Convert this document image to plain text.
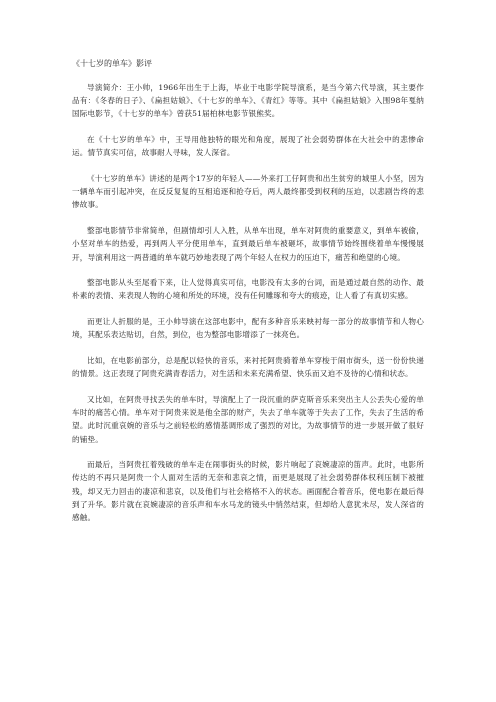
《十七岁的单车》影评

导演简介：王小帅，1966年出生于上海，毕业于电影学院导演系，是当今第六代导演，其主要作品有：《冬春的日子》、《扁担姑娘》、《十七岁的单车》、《青红》等等。其中《扁担姑娘》入围98年戛纳国际电影节，《十七岁的单车》曾获51届柏林电影节银熊奖。

在《十七岁的单车》中，王导用他独特的眼光和角度，展现了社会弱势群体在大社会中的悲惨命运。情节真实可信，故事耐人寻味，发人深省。

《十七岁的单车》讲述的是两个17岁的年轻人——外来打工仔阿贵和出生贫穷的城里人小坚，因为一辆单车而引起冲突，在反反复复的互相追逐和抢夺后，两人最终都受到权利的压迫，以悲剧告终的悲惨故事。

整部电影情节非常简单，但剧情却引人入胜，从单车出现，单车对阿贵的重要意义，到单车被偷，小坚对单车的热爱，再到两人平分使用单车，直到最后单车被砸坏，故事情节始终围绕着单车慢慢展开，导演利用这一两普通的单车就巧妙地表现了两个年轻人在权力的压迫下，痛苦和绝望的心境。

整部电影从头至尾看下来，让人觉得真实可信，电影没有太多的台词，而是通过最自然的动作、最朴素的表情、来表现人物的心境和所处的环境，没有任何雕琢和夸大的痕迹，让人看了有真切实感。

而更让人折服的是，王小帅导演在这部电影中，配有多种音乐来映衬每一部分的故事情节和人物心境，其配乐表达贴切，自然，到位，也为整部电影增添了一抹亮色。

比如，在电影前部分，总是配以轻快的音乐，来衬托阿贵骑着单车穿梭于闹市街头，送一份份快递的情景。这正表现了阿贵充满青春活力，对生活和未来充满希望、快乐而又迫不及待的心情和状态。

又比如，在阿贵寻找丢失的单车时，导演配上了一段沉重的萨克斯音乐来突出主人公丢失心爱的单车时的痛苦心情。单车对于阿贵来说是他全部的财产，失去了单车就等于失去了工作，失去了生活的希望。此时沉重哀婉的音乐与之前轻松的感情基调形成了强烈的对比，为故事情节的进一步展开做了很好的铺垫。

而最后，当阿贵扛着残破的单车走在闹事街头的时候，影片响起了哀婉凄凉的笛声。此时，电影所传达的不再只是阿贵一个人面对生活的无奈和悲哀之情，而更是展现了社会弱势群体权利压制下被摧残，却又无力回击的凄凉和悲哀，以及他们与社会格格不入的状态。画面配合着音乐，使电影在最后得到了升华。影片就在哀婉凄凉的音乐声和车水马龙的镜头中悄然结束，但却给人意犹未尽，发人深省的感触。
